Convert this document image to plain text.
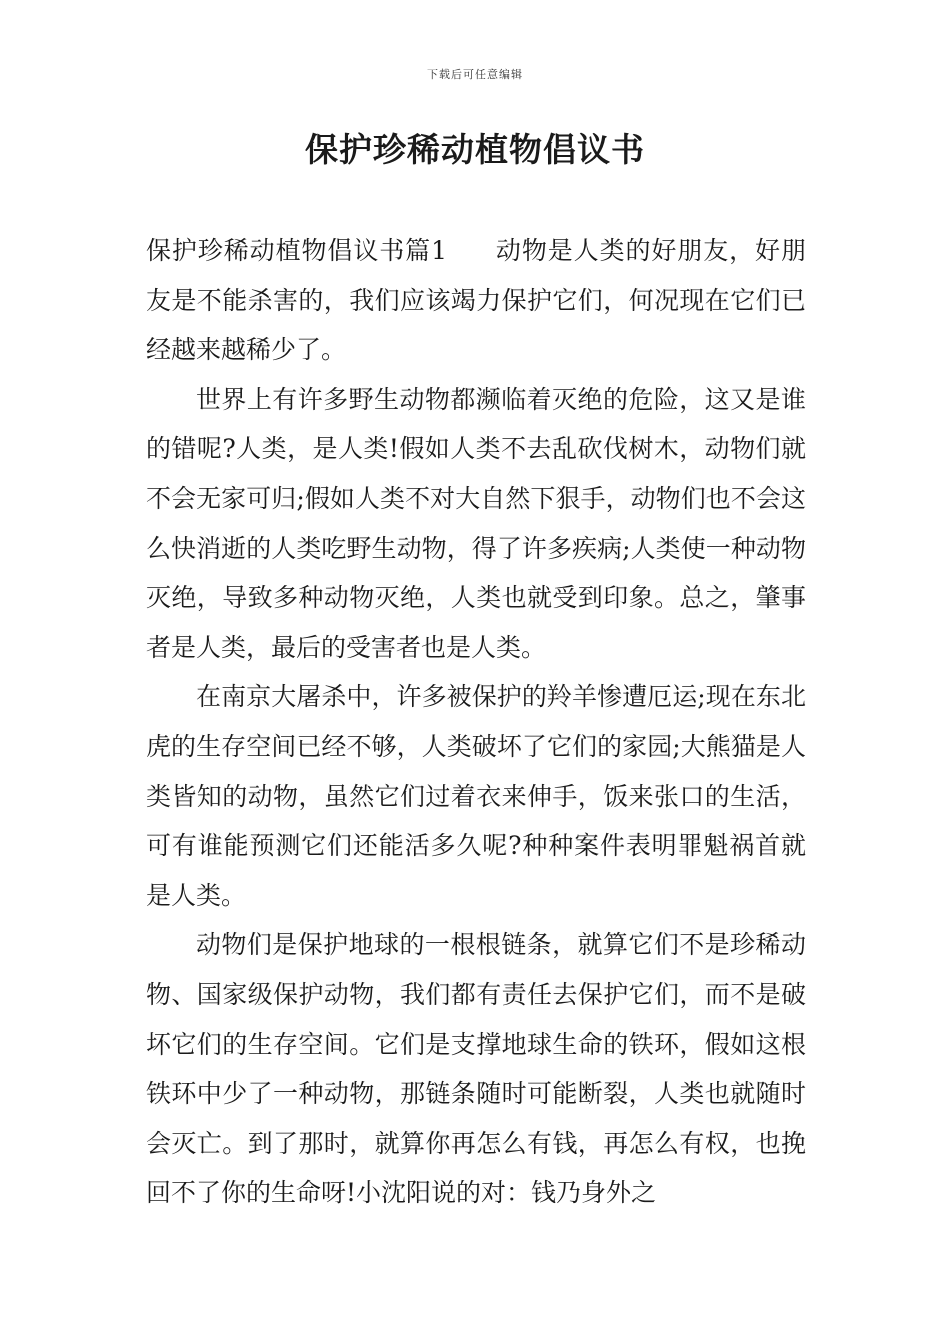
下载后可任意编辑
保护珍稀动植物倡议书

保护珍稀动植物倡议书篇1 动物是人类的好朋友，好朋友是不能杀害的，我们应该竭力保护它们，何况现在它们已经越来越稀少了。

世界上有许多野生动物都濒临着灭绝的危险，这又是谁的错呢?人类，是人类!假如人类不去乱砍伐树木，动物们就不会无家可归;假如人类不对大自然下狠手，动物们也不会这么快消逝的人类吃野生动物，得了许多疾病;人类使一种动物灭绝，导致多种动物灭绝，人类也就受到印象。总之，肇事者是人类，最后的受害者也是人类。

在南京大屠杀中，许多被保护的羚羊惨遭厄运;现在东北虎的生存空间已经不够，人类破坏了它们的家园;大熊猫是人类皆知的动物，虽然它们过着衣来伸手，饭来张口的生活，可有谁能预测它们还能活多久呢?种种案件表明罪魁祸首就是人类。

动物们是保护地球的一根根链条，就算它们不是珍稀动物、国家级保护动物，我们都有责任去保护它们，而不是破坏它们的生存空间。它们是支撑地球生命的铁环，假如这根铁环中少了一种动物，那链条随时可能断裂，人类也就随时会灭亡。到了那时，就算你再怎么有钱，再怎么有权，也挽回不了你的生命呀!小沈阳说的对：钱乃身外之
